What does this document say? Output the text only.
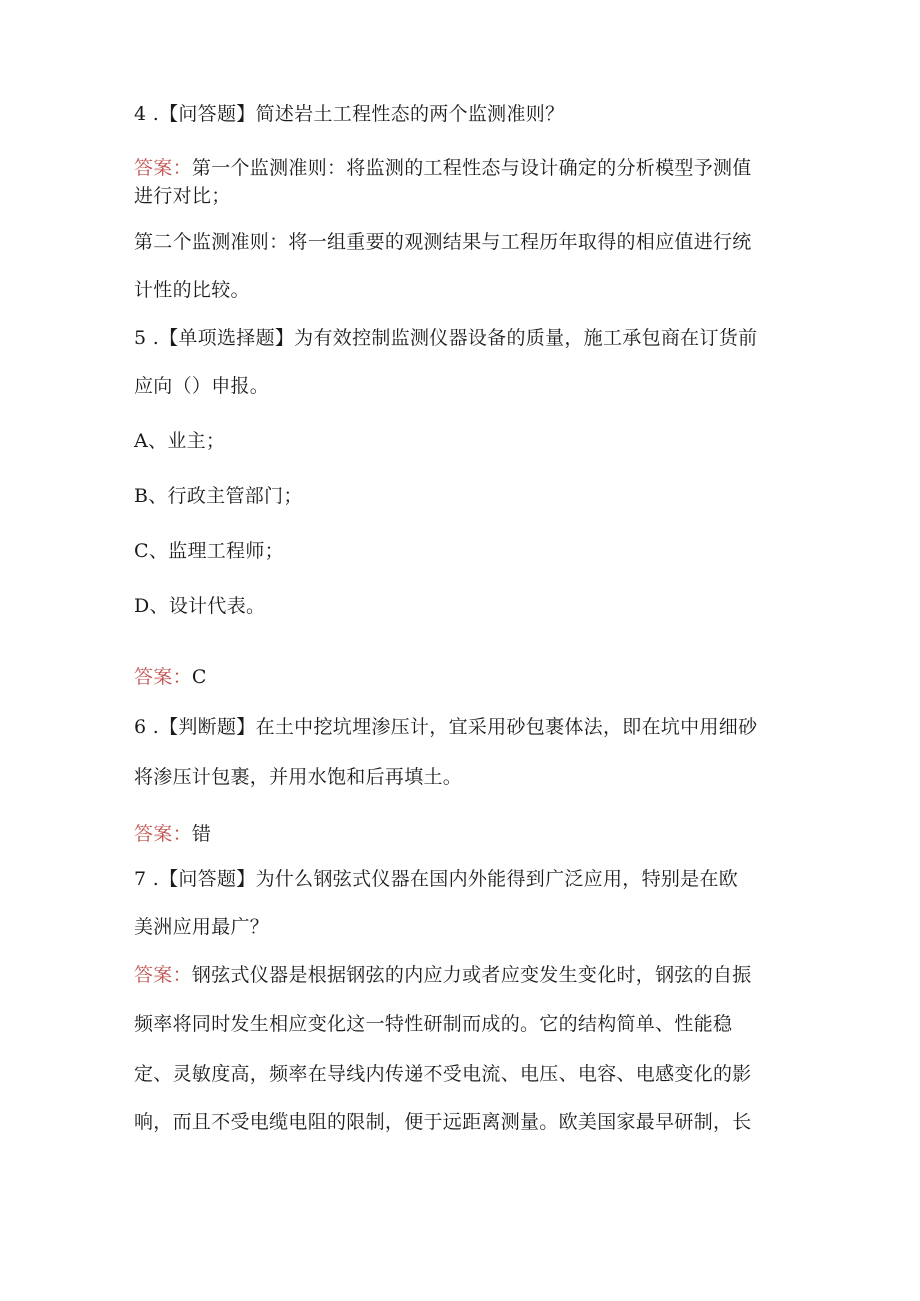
4 .【问答题】简述岩土工程性态的两个监测准则？
答案：第一个监测准则：将监测的工程性态与设计确定的分析模型予测值
进行对比；
第二个监测准则：将一组重要的观测结果与工程历年取得的相应值进行统
计性的比较。
5 .【单项选择题】为有效控制监测仪器设备的质量，施工承包商在订货前
应向（）申报。
A、业主；
B、行政主管部门；
C、监理工程师；
D、设计代表。
答案：C
6 .【判断题】在土中挖坑埋渗压计，宜采用砂包裹体法，即在坑中用细砂
将渗压计包裹，并用水饱和后再填土。
答案：错
7 .【问答题】为什么钢弦式仪器在国内外能得到广泛应用，特别是在欧
美洲应用最广？
答案：钢弦式仪器是根据钢弦的内应力或者应变发生变化时，钢弦的自振
频率将同时发生相应变化这一特性研制而成的。它的结构简单、性能稳
定、灵敏度高，频率在导线内传递不受电流、电压、电容、电感变化的影
响，而且不受电缆电阻的限制，便于远距离测量。欧美国家最早研制，长
